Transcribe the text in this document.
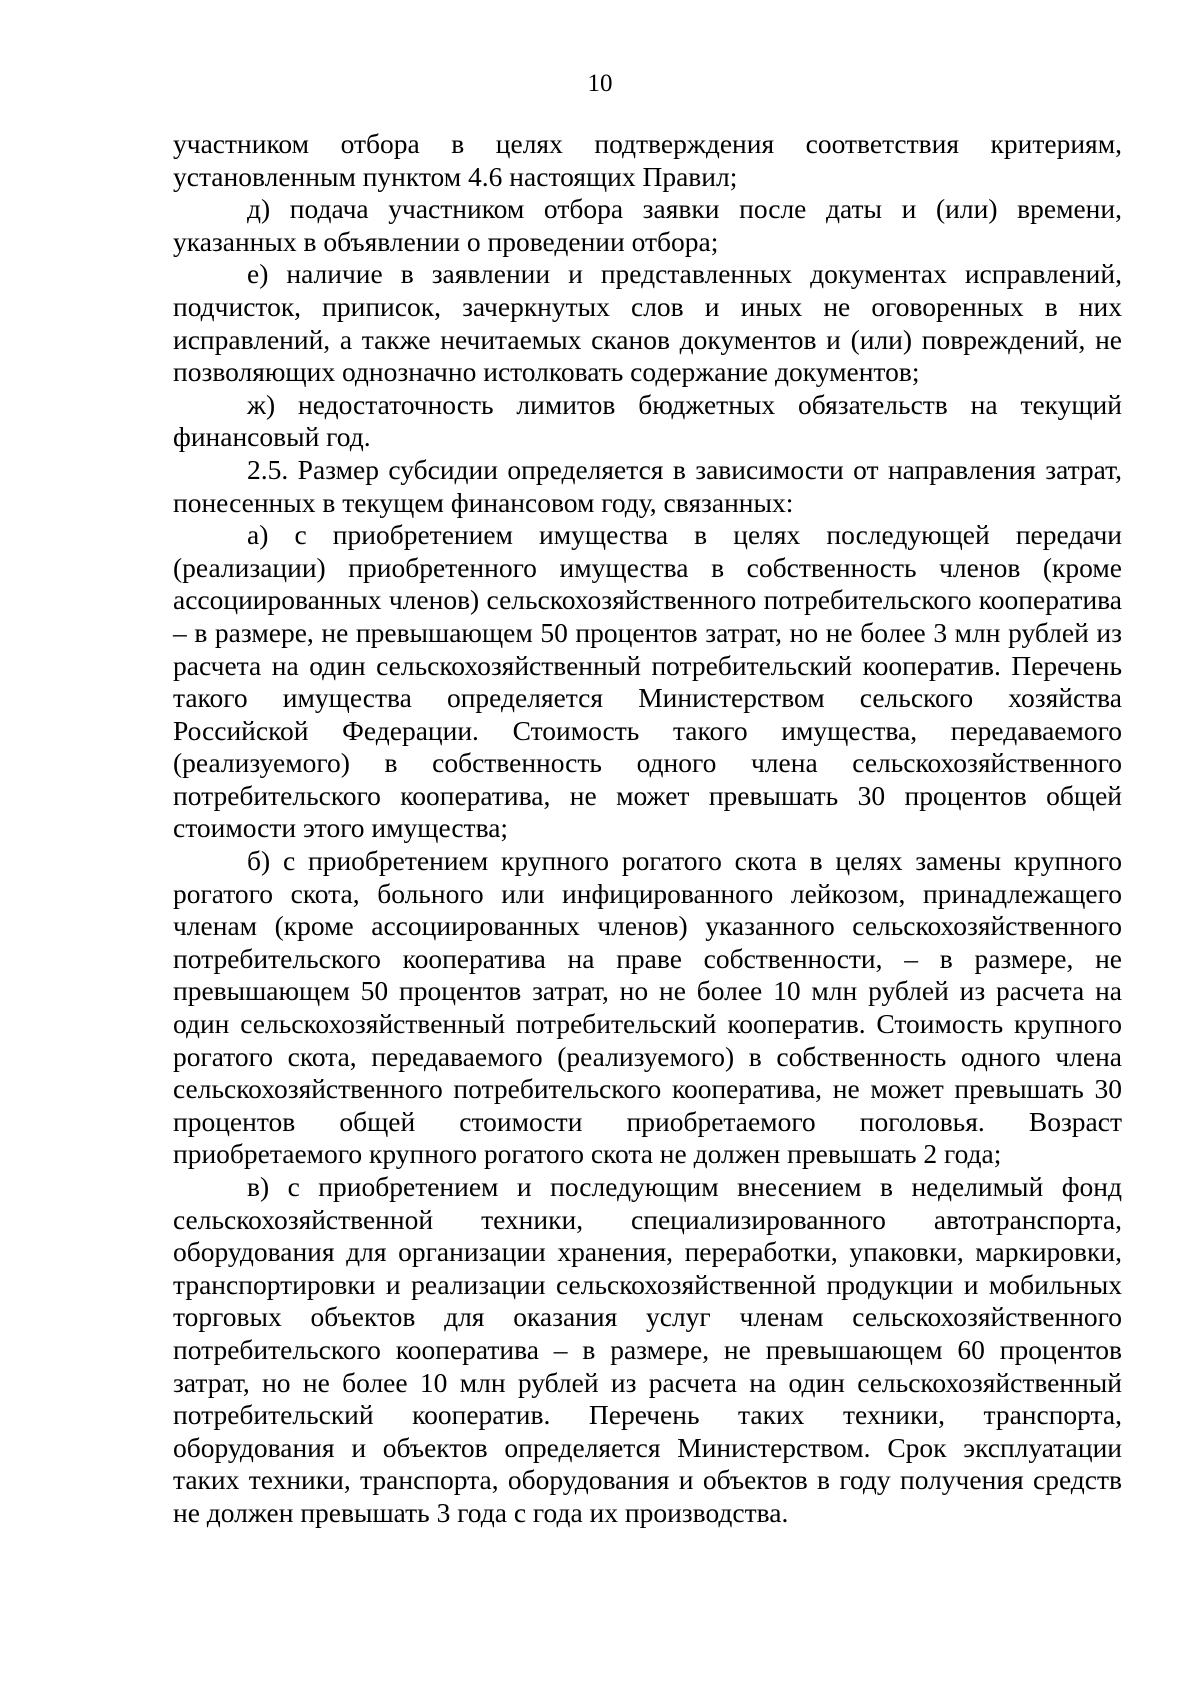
10

участником отбора в целях подтверждения соответствия критериям, установленным пунктом 4.6 настоящих Правил;

д) подача участником отбора заявки после даты и (или) времени, указанных в объявлении о проведении отбора;

е) наличие в заявлении и представленных документах исправлений, подчисток, приписок, зачеркнутых слов и иных не оговоренных в них исправлений, а также нечитаемых сканов документов и (или) повреждений, не позволяющих однозначно истолковать содержание документов;

ж) недостаточность лимитов бюджетных обязательств на текущий финансовый год.

2.5. Размер субсидии определяется в зависимости от направления затрат, понесенных в текущем финансовом году, связанных:

а) с приобретением имущества в целях последующей передачи (реализации) приобретенного имущества в собственность членов (кроме ассоциированных членов) сельскохозяйственного потребительского кооператива – в размере, не превышающем 50 процентов затрат, но не более 3 млн рублей из расчета на один сельскохозяйственный потребительский кооператив. Перечень такого имущества определяется Министерством сельского хозяйства Российской Федерации. Стоимость такого имущества, передаваемого (реализуемого) в собственность одного члена сельскохозяйственного потребительского кооператива, не может превышать 30 процентов общей стоимости этого имущества;

б) с приобретением крупного рогатого скота в целях замены крупного рогатого скота, больного или инфицированного лейкозом, принадлежащего членам (кроме ассоциированных членов) указанного сельскохозяйственного потребительского кооператива на праве собственности, – в размере, не превышающем 50 процентов затрат, но не более 10 млн рублей из расчета на один сельскохозяйственный потребительский кооператив. Стоимость крупного рогатого скота, передаваемого (реализуемого) в собственность одного члена сельскохозяйственного потребительского кооператива, не может превышать 30 процентов общей стоимости приобретаемого поголовья. Возраст приобретаемого крупного рогатого скота не должен превышать 2 года;

в) с приобретением и последующим внесением в неделимый фонд сельскохозяйственной техники, специализированного автотранспорта, оборудования для организации хранения, переработки, упаковки, маркировки, транспортировки и реализации сельскохозяйственной продукции и мобильных торговых объектов для оказания услуг членам сельскохозяйственного потребительского кооператива – в размере, не превышающем 60 процентов затрат, но не более 10 млн рублей из расчета на один сельскохозяйственный потребительский кооператив. Перечень таких техники, транспорта, оборудования и объектов определяется Министерством. Срок эксплуатации таких техники, транспорта, оборудования и объектов в году получения средств не должен превышать 3 года с года их производства.
